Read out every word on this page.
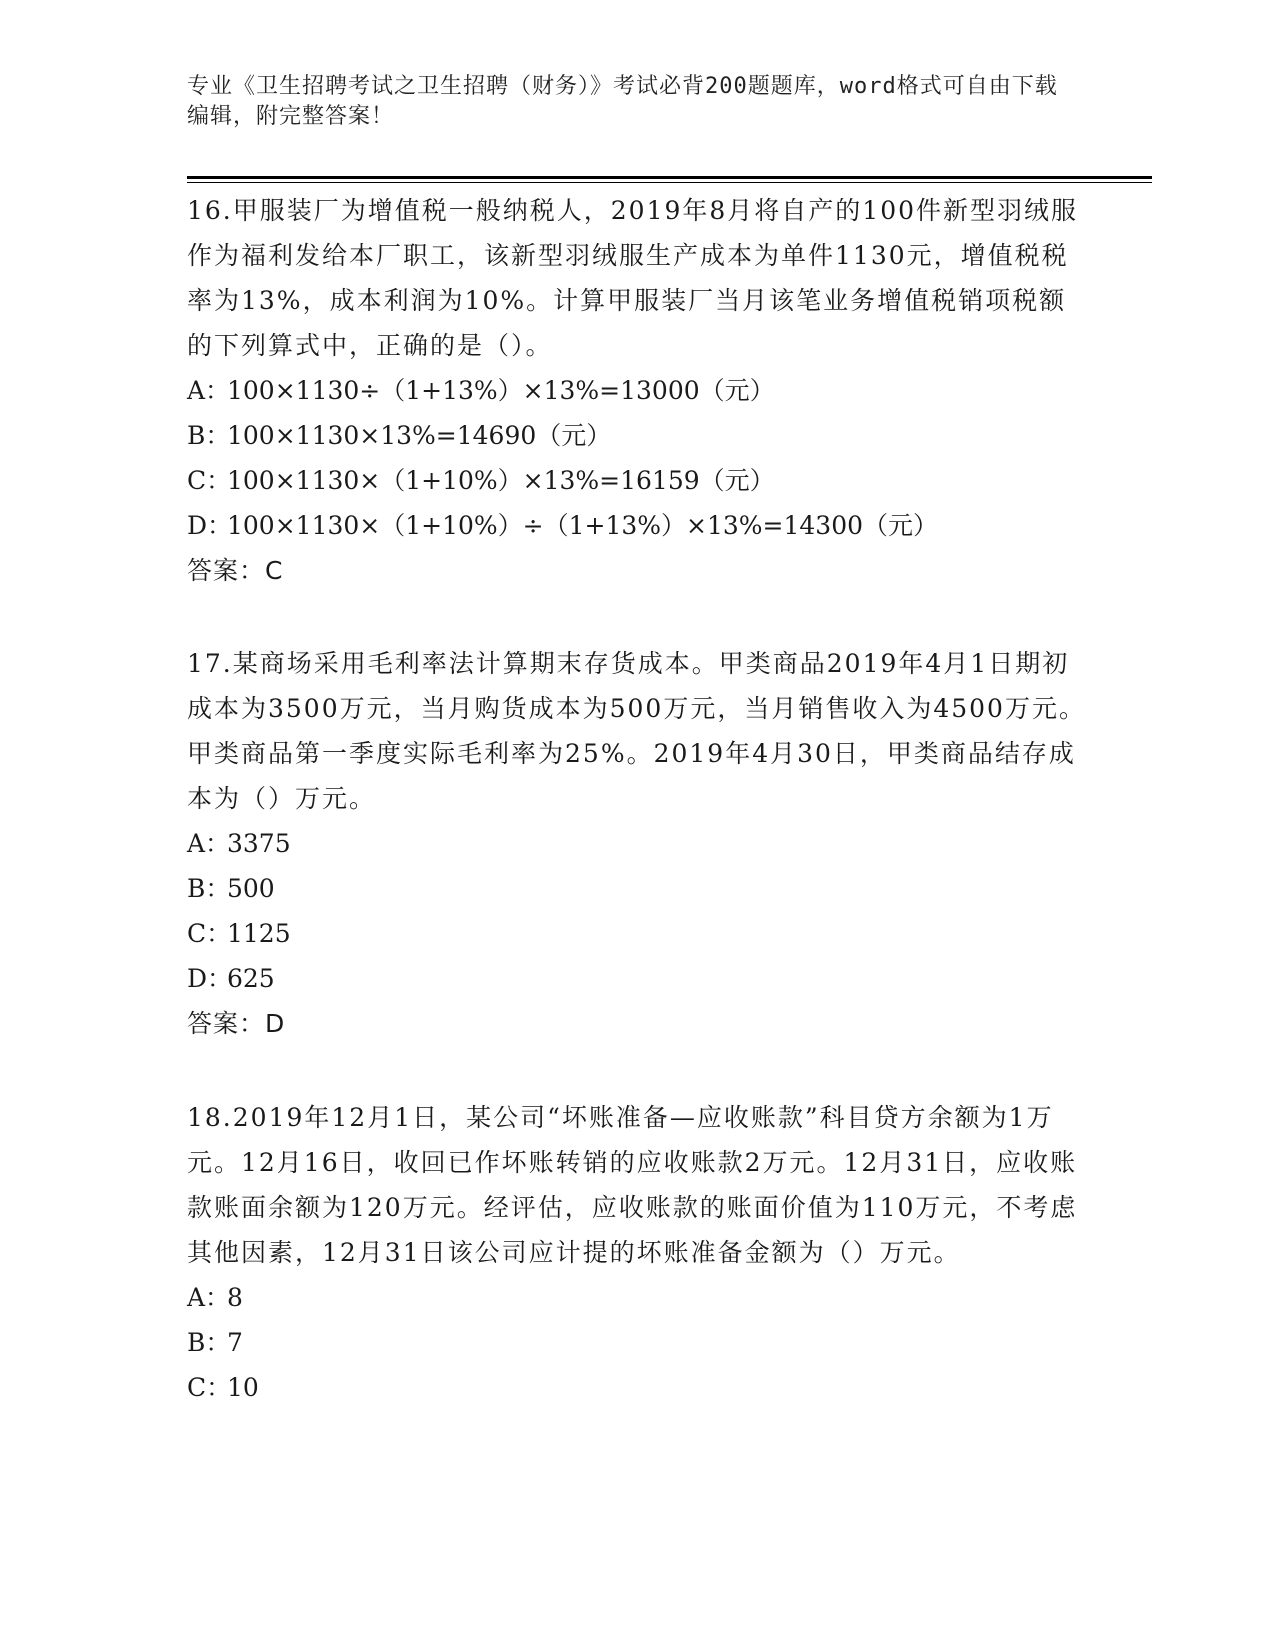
专业《卫生招聘考试之卫生招聘（财务）》考试必背200题题库，word格式可自由下载编辑，附完整答案！

16.甲服装厂为增值税一般纳税人，2019年8月将自产的100件新型羽绒服作为福利发给本厂职工，该新型羽绒服生产成本为单件1130元，增值税税率为13%，成本利润为10%。计算甲服装厂当月该笔业务增值税销项税额的下列算式中，正确的是（）。

A：100×1130÷（1+13%）×13%=13000（元）

B：100×1130×13%=14690（元）

C：100×1130×（1+10%）×13%=16159（元）

D：100×1130×（1+10%）÷（1+13%）×13%=14300（元）

答案：C

17.某商场采用毛利率法计算期末存货成本。甲类商品2019年4月1日期初成本为3500万元，当月购货成本为500万元，当月销售收入为4500万元。甲类商品第一季度实际毛利率为25%。2019年4月30日，甲类商品结存成本为（）万元。

A：3375

B：500

C：1125

D：625

答案：D

18.2019年12月1日，某公司“坏账准备—应收账款”科目贷方余额为1万元。12月16日，收回已作坏账转销的应收账款2万元。12月31日，应收账款账面余额为120万元。经评估，应收账款的账面价值为110万元，不考虑其他因素，12月31日该公司应计提的坏账准备金额为（）万元。

A：8

B：7

C：10
